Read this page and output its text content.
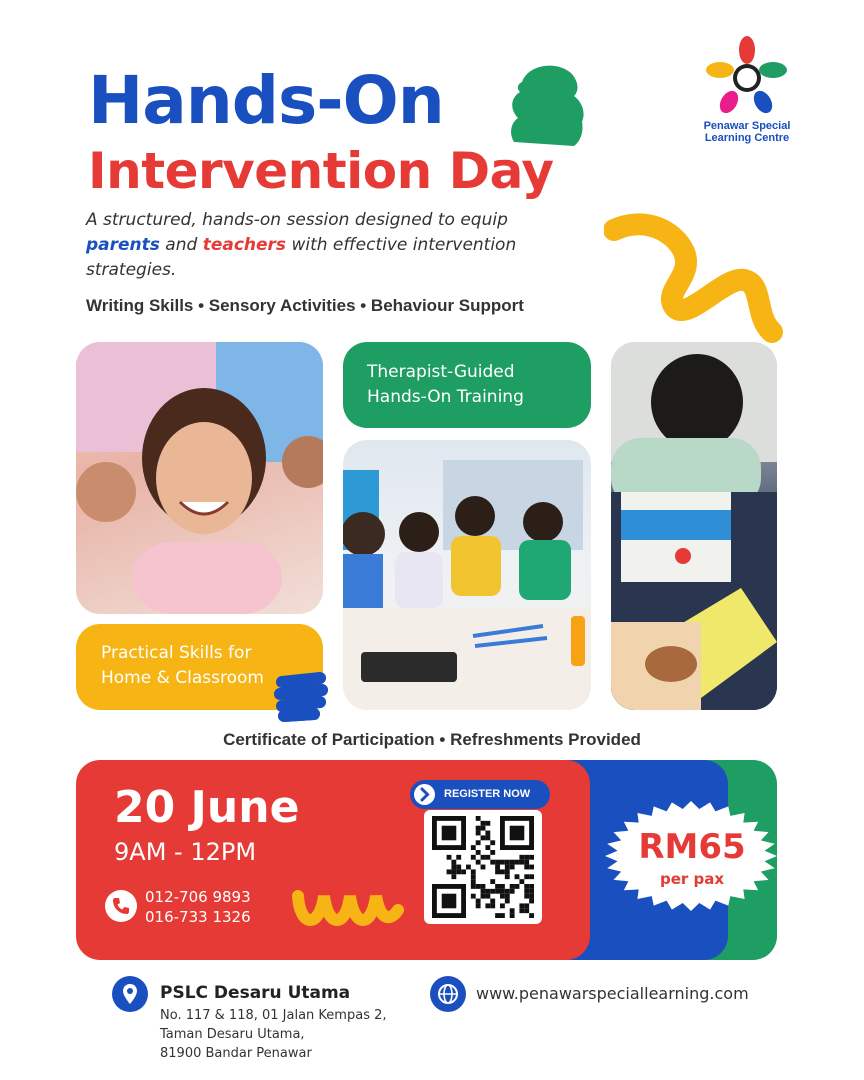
Hands-On
Intervention Day
A structured, hands-on session designed to equip parents and teachers with effective intervention strategies.
Writing Skills • Sensory Activities • Behaviour Support
Penawar Special
Learning Centre
Therapist-Guided
Hands-On Training
Practical Skills for
Home & Classroom
Certificate of Participation • Refreshments Provided
20 June
9AM - 12PM
012-706 9893
016-733 1326
REGISTER NOW
RM65
per pax
PSLC Desaru Utama
No. 117 & 118, 01 Jalan Kempas 2,
Taman Desaru Utama,
81900 Bandar Penawar
www.penawarspeciallearning.com
